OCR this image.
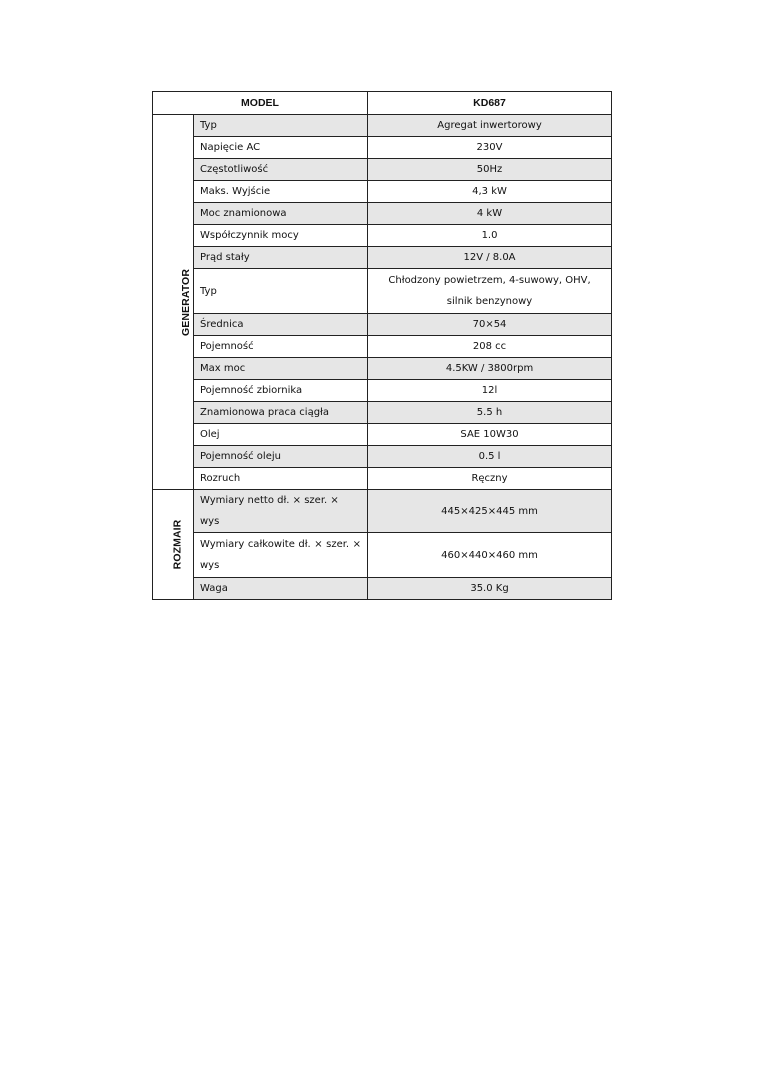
MODEL		KD687
GENERATOR	Typ	Agregat inwertorowy
	Napięcie AC	230V
	Częstotliwość	50Hz
	Maks. Wyjście	4,3 kW
	Moc znamionowa	4 kW
	Współczynnik mocy	1.0
	Prąd stały	12V / 8.0A
	Typ	Chłodzony powietrzem, 4-suwowy, OHV, silnik benzynowy
	Średnica	70×54
	Pojemność	208 cc
	Max moc	4.5KW / 3800rpm
	Pojemność zbiornika	12l
	Znamionowa praca ciągła	5.5 h
	Olej	SAE 10W30
	Pojemność oleju	0.5 l
	Rozruch	Ręczny
ROZMAIR	Wymiary netto dł. × szer. × wys	445×425×445 mm
	Wymiary całkowite dł. × szer. × wys	460×440×460 mm
	Waga	35.0 Kg
